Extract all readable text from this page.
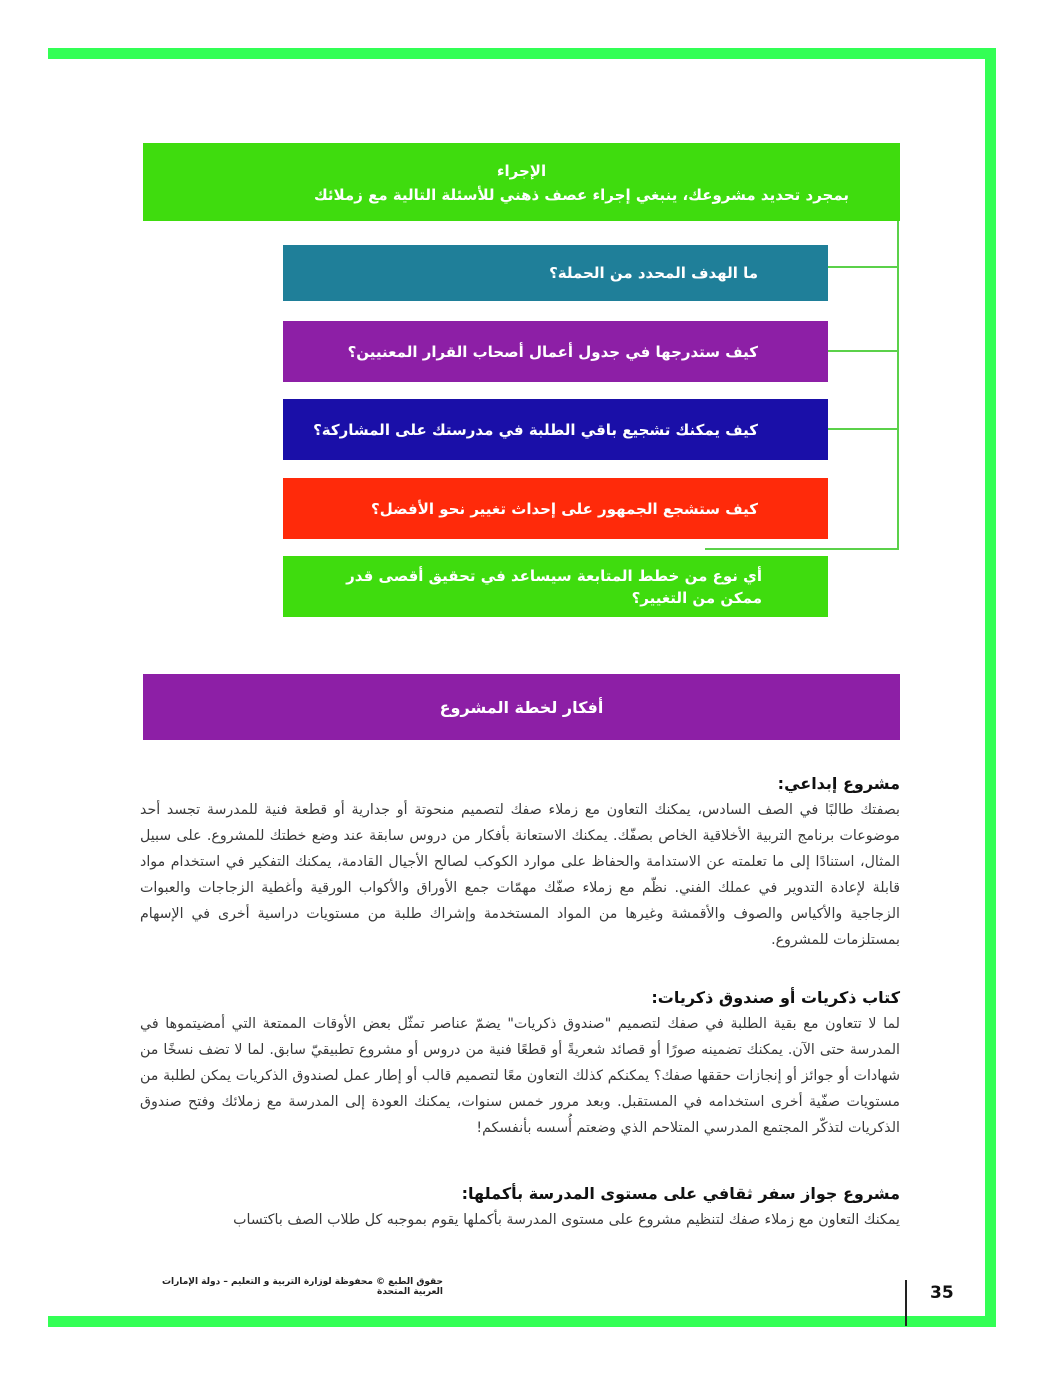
الإجراء
بمجرد تحديد مشروعك، ينبغي إجراء عصف ذهني للأسئلة التالية مع زملائك
ما الهدف المحدد من الحملة؟
كيف ستدرجها في جدول أعمال أصحاب القرار المعنيين؟
كيف يمكنك تشجيع باقي الطلبة في مدرستك على المشاركة؟
كيف ستشجع الجمهور على إحداث تغيير نحو الأفضل؟
أي نوع من خطط المتابعة سيساعد في تحقيق أقصى قدر ممكن من التغيير؟
أفكار لخطة المشروع
مشروع إبداعي:

بصفتك طالبًا في الصف السادس، يمكنك التعاون مع زملاء صفك لتصميم منحوتة أو جدارية أو قطعة فنية للمدرسة تجسد أحد موضوعات برنامج التربية الأخلاقية الخاص بصفّك. يمكنك الاستعانة بأفكار من دروس سابقة عند وضع خطتك للمشروع. على سبيل المثال، استنادًا إلى ما تعلمته عن الاستدامة والحفاظ على موارد الكوكب لصالح الأجيال القادمة، يمكنك التفكير في استخدام مواد قابلة لإعادة التدوير في عملك الفني. نظّم مع زملاء صفّك مهمّات جمع الأوراق والأكواب الورقية وأغطية الزجاجات والعبوات الزجاجية والأكياس والصوف والأقمشة وغيرها من المواد المستخدمة وإشراك طلبة من مستويات دراسية أخرى في الإسهام بمستلزمات للمشروع.

كتاب ذكريات أو صندوق ذكريات:

لما لا تتعاون مع بقية الطلبة في صفك لتصميم "صندوق ذكريات" يضمّ عناصر تمثّل بعض الأوقات الممتعة التي أمضيتموها في المدرسة حتى الآن. يمكنك تضمينه صورًا أو قصائد شعريةً أو قطعًا فنية من دروس أو مشروع تطبيقيّ سابق. لما لا تضف نسخًا من شهادات أو جوائز أو إنجازات حققها صفك؟ يمكنكم كذلك التعاون معًا لتصميم قالب أو إطار عمل لصندوق الذكريات يمكن لطلبة من مستويات صفّية أخرى استخدامه في المستقبل. وبعد مرور خمس سنوات، يمكنك العودة إلى المدرسة مع زملائك وفتح صندوق الذكريات لتذكّر المجتمع المدرسي المتلاحم الذي وضعتم أُسسه بأنفسكم!

مشروع جواز سفر ثقافي على مستوى المدرسة بأكملها:

يمكنك التعاون مع زملاء صفك لتنظيم مشروع على مستوى المدرسة بأكملها يقوم بموجبه كل طلاب الصف باكتساب

حقوق الطبع © محفوظة لوزارة التربية و التعليم – دولة الإمارات العربية المتحدة	35
